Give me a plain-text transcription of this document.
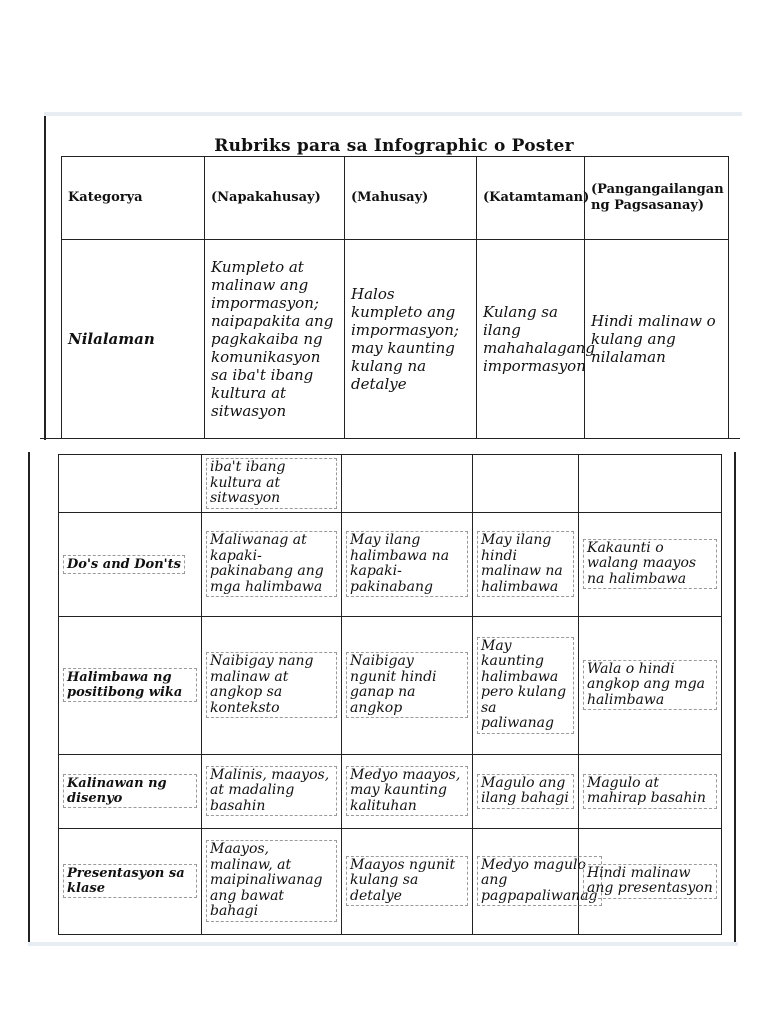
Rubriks para sa Infographic o Poster
Kategorya	(Napakahusay)	(Mahusay)	(Katamtaman)	(Pangangailangan ng Pagsasanay)
Nilalaman	Kumpleto at malinaw ang impormasyon; naipapakita ang pagkakaiba ng komunikasyon sa iba't ibang kultura at sitwasyon	Halos kumpleto ang impormasyon; may kaunting kulang na detalye	Kulang sa ilang mahahalagang impormasyon	Hindi malinaw o kulang ang nilalaman
	iba't ibang kultura at sitwasyon			
Do's and Don'ts	Maliwanag at kapaki-pakinabang ang mga halimbawa	May ilang halimbawa na kapaki-pakinabang	May ilang hindi malinaw na halimbawa	Kakaunti o walang maayos na halimbawa
Halimbawa ng positibong wika	Naibigay nang malinaw at angkop sa konteksto	Naibigay ngunit hindi ganap na angkop	May kaunting halimbawa pero kulang sa paliwanag	Wala o hindi angkop ang mga halimbawa
Kalinawan ng disenyo	Malinis, maayos, at madaling basahin	Medyo maayos, may kaunting kalituhan	Magulo ang ilang bahagi	Magulo at mahirap basahin
Presentasyon sa klase	Maayos, malinaw, at maipinaliwanag ang bawat bahagi	Maayos ngunit kulang sa detalye	Medyo magulo ang pagpapaliwanag	Hindi malinaw ang presentasyon
